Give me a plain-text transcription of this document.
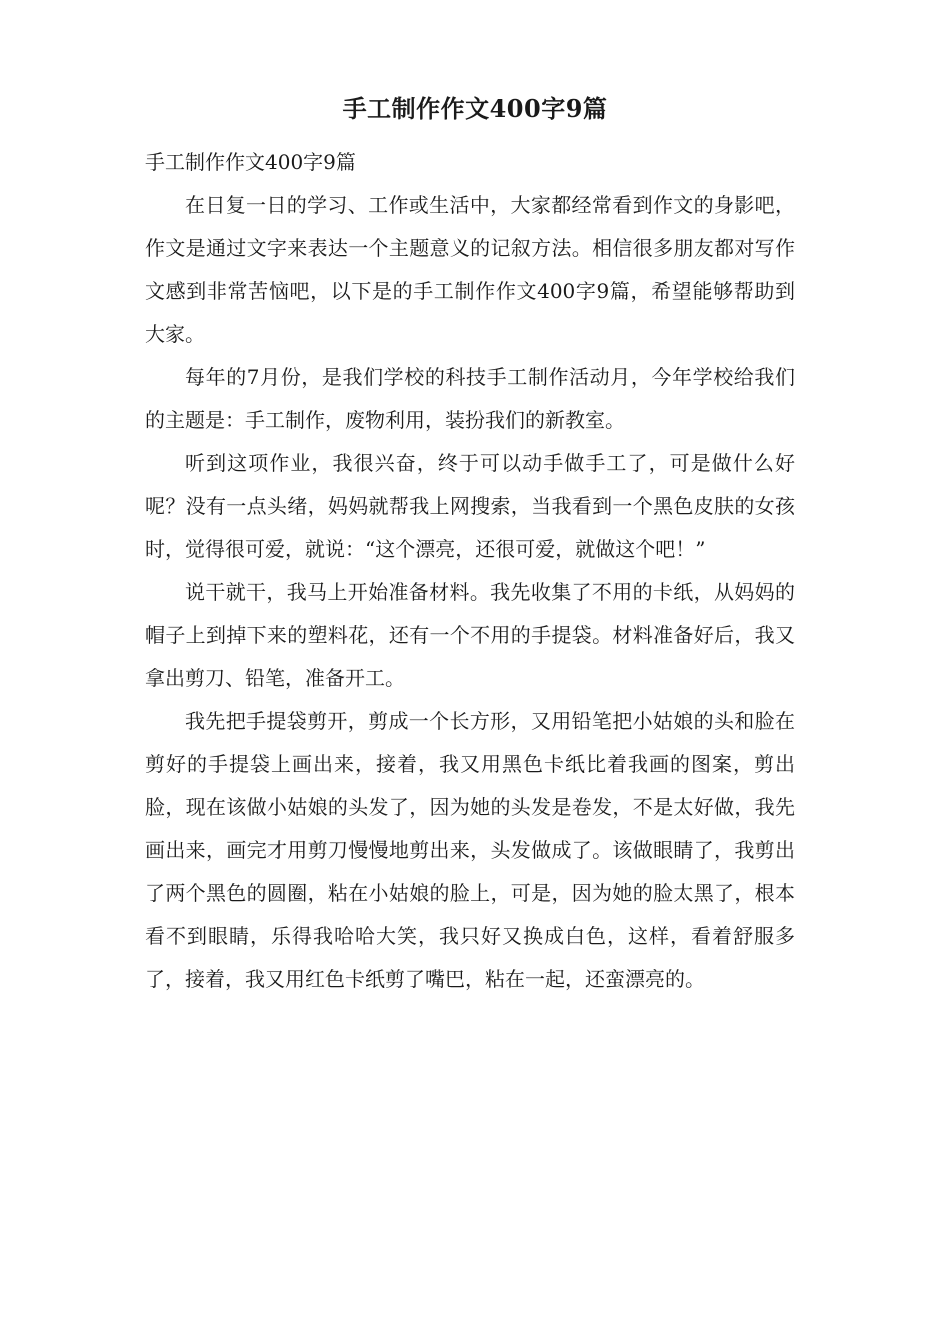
手工制作作文400字9篇

手工制作作文400字9篇

在日复一日的学习、工作或生活中，大家都经常看到作文的身影吧，作文是通过文字来表达一个主题意义的记叙方法。相信很多朋友都对写作文感到非常苦恼吧，以下是的手工制作作文400字9篇，希望能够帮助到大家。

每年的7月份，是我们学校的科技手工制作活动月，今年学校给我们的主题是：手工制作，废物利用，装扮我们的新教室。

听到这项作业，我很兴奋，终于可以动手做手工了，可是做什么好呢？没有一点头绪，妈妈就帮我上网搜索，当我看到一个黑色皮肤的女孩时，觉得很可爱，就说：“这个漂亮，还很可爱，就做这个吧！”

说干就干，我马上开始准备材料。我先收集了不用的卡纸，从妈妈的帽子上到掉下来的塑料花，还有一个不用的手提袋。材料准备好后，我又拿出剪刀、铅笔，准备开工。

我先把手提袋剪开，剪成一个长方形，又用铅笔把小姑娘的头和脸在剪好的手提袋上画出来，接着，我又用黑色卡纸比着我画的图案，剪出脸，现在该做小姑娘的头发了，因为她的头发是卷发，不是太好做，我先画出来，画完才用剪刀慢慢地剪出来，头发做成了。该做眼睛了，我剪出了两个黑色的圆圈，粘在小姑娘的脸上，可是，因为她的脸太黑了，根本看不到眼睛，乐得我哈哈大笑，我只好又换成白色，这样，看着舒服多了，接着，我又用红色卡纸剪了嘴巴，粘在一起，还蛮漂亮的。
